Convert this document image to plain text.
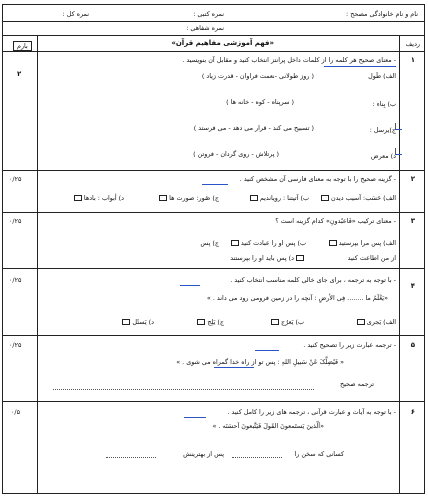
نام و نام خانوادگی مصحح :
نمره کتبی :
نمره کل :
نمره شفاهی :
ردیف
«فهم آموزشی مفاهیم قرآن»
بارم
۱
۲
- معنای صحیح هر کلمه را از کلمات داخل پرانتز انتخاب کنید و مقابل آن بنویسید .
الف) طَول
( روز طولانی -نعمت فراوان - قدرت زیاد )
ب) بِناء :
( سرپناه - کوه - خانه ها )
ج)یرسل :
( تسبیح می کند - قرار می دهد - می فرستد )
د) معرض
( پرتلاش - روی گردان - فروتن )
۲
۰/۲۵	- گزینه صحیح را با توجه به معنای فارسی آن مشخص کنید .
الف) حَسَب: آسیب دیدن
ب) آتیتنا : رویاندیم
ج) صُور: صورت ها
د) أبواب : بادها
۳
۰/۲۵	- معنای ترکیب «فَاعبُدونِ» کدام گزینه است ؟
الف) پس مرا بپرستید
ب) پس او را عبادت کنید
ج) پس
از من اطاعت کنید
د) پس باید او را بپرستند
۴
۰/۲۵	- با توجه به ترجمه ، برای جای خالی کلمه مناسب انتخاب کنید .
«یَعْلَمُ ما ........ فِی الأرضِ : آنچه را در زمین فرومی رود می داند . »
الف) یَجری
ب) یَعرُج
ج) یَلِج
د) یَسئَل
۵
۰/۲۵	- ترجمه عبارت زیر را تصحیح کنید .
« فَیُضِلَّکَ عَنْ سَبیلِ اللهِ : پس تو از راه خدا گمراه می شوی . »
ترجمه صحیح
۶
۰/۵	- با توجه به آیات و عبارت قرآنی ، ترجمه های زیر را کامل کنید .
«اَلّذینَ یَستَمعونَ القَولَ فَیَتَّبعونَ اَحسَنَه . »
کسانی که سخن را
پس از بهترینش
